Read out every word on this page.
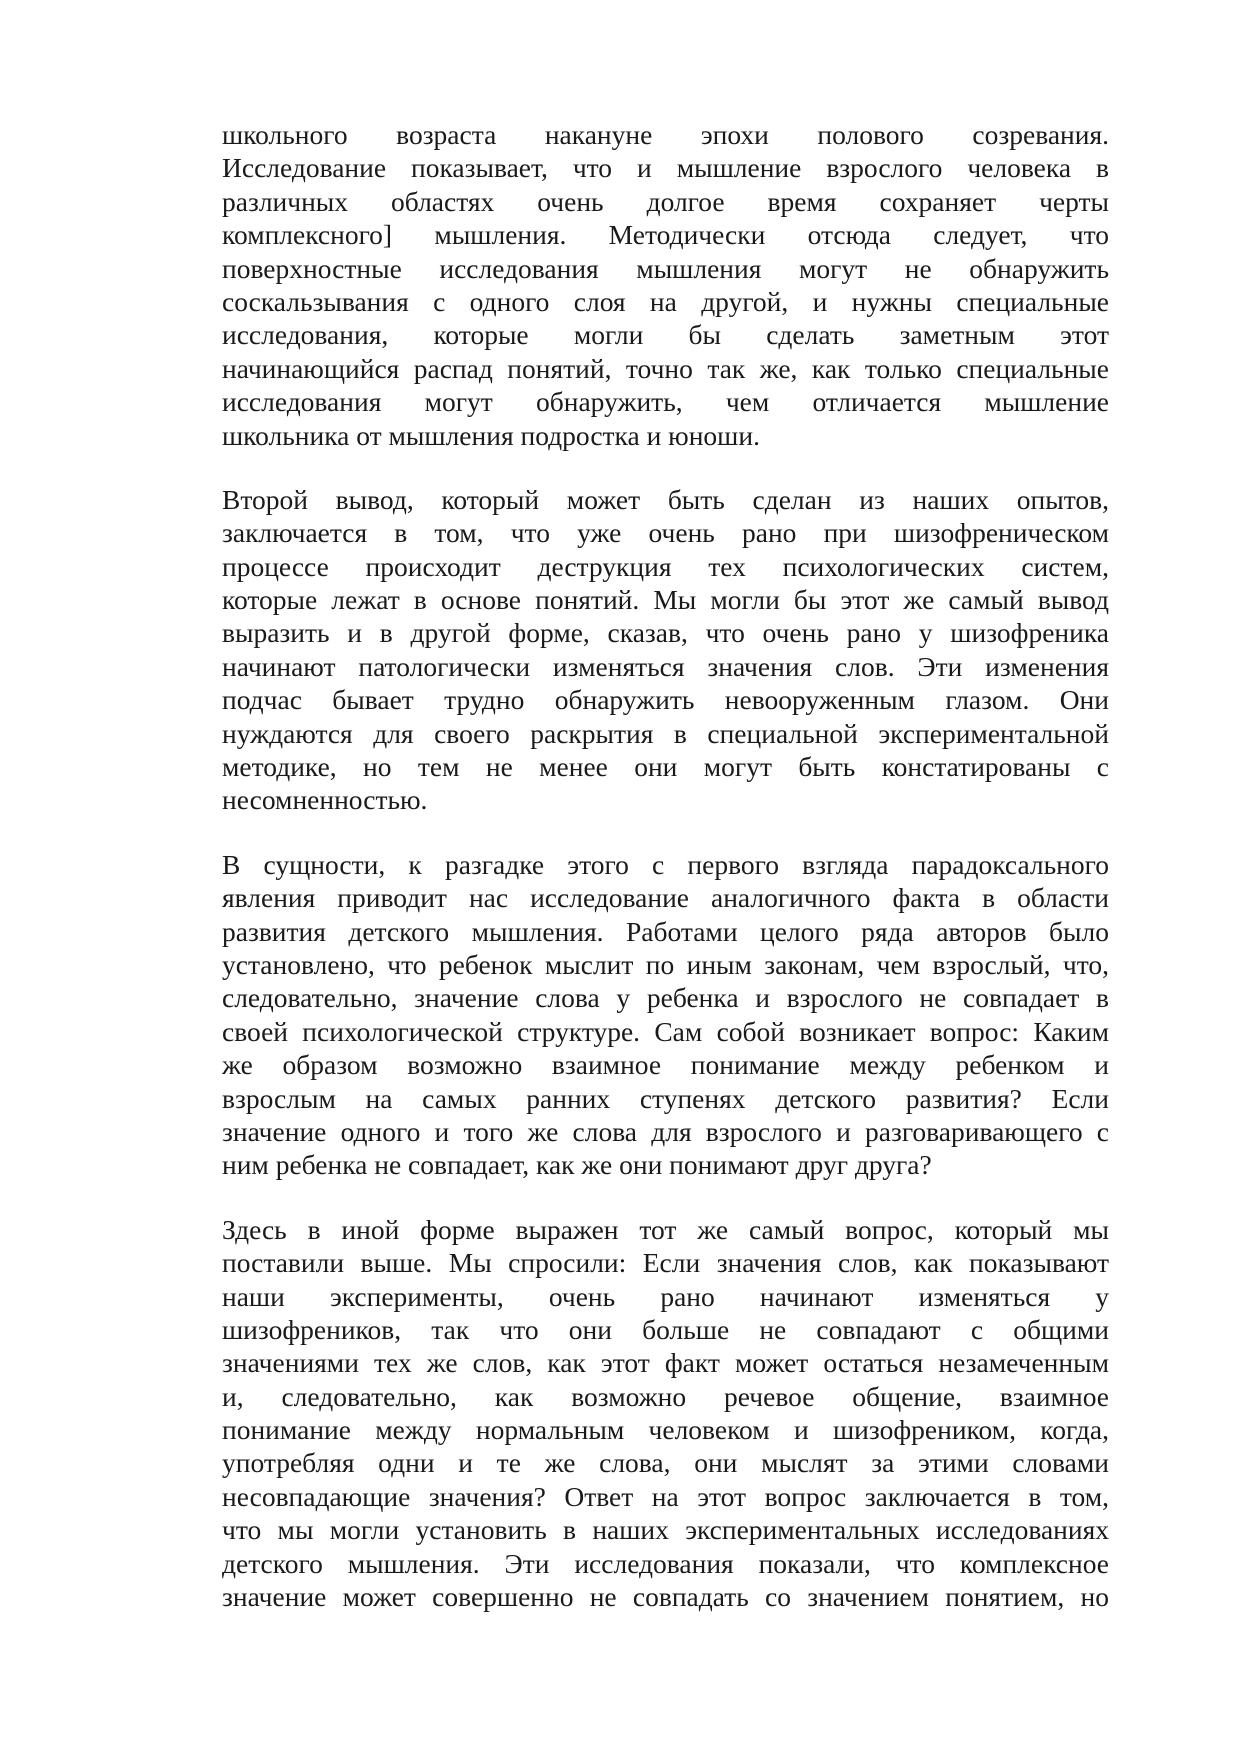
школьного возраста накануне эпохи полового созревания.
Исследование показывает, что и мышление взрослого человека в
различных областях очень долгое время сохраняет черты
комплексного] мышления. Методически отсюда следует, что
поверхностные исследования мышления могут не обнаружить
соскальзывания с одного слоя на другой, и нужны специальные
исследования, которые могли бы сделать заметным этот
начинающийся распад понятий, точно так же, как только специальные
исследования могут обнаружить, чем отличается мышление
школьника от мышления подростка и юноши.
Второй вывод, который может быть сделан из наших опытов,
заключается в том, что уже очень рано при шизофреническом
процессе происходит деструкция тех психологических систем,
которые лежат в основе понятий. Мы могли бы этот же самый вывод
выразить и в другой форме, сказав, что очень рано у шизофреника
начинают патологически изменяться значения слов. Эти изменения
подчас бывает трудно обнаружить невооруженным глазом. Они
нуждаются для своего раскрытия в специальной экспериментальной
методике, но тем не менее они могут быть констатированы с
несомненностью.
В сущности, к разгадке этого с первого взгляда парадоксального
явления приводит нас исследование аналогичного факта в области
развития детского мышления. Работами целого ряда авторов было
установлено, что ребенок мыслит по иным законам, чем взрослый, что,
следовательно, значение слова у ребенка и взрослого не совпадает в
своей психологической структуре. Сам собой возникает вопрос: Каким
же образом возможно взаимное понимание между ребенком и
взрослым на самых ранних ступенях детского развития? Если
значение одного и того же слова для взрослого и разговаривающего с
ним ребенка не совпадает, как же они понимают друг друга?
Здесь в иной форме выражен тот же самый вопрос, который мы
поставили выше. Мы спросили: Если значения слов, как показывают
наши эксперименты, очень рано начинают изменяться у
шизофреников, так что они больше не совпадают с общими
значениями тех же слов, как этот факт может остаться незамеченным
и, следовательно, как возможно речевое общение, взаимное
понимание между нормальным человеком и шизофреником, когда,
употребляя одни и те же слова, они мыслят за этими словами
несовпадающие значения? Ответ на этот вопрос заключается в том,
что мы могли установить в наших экспериментальных исследованиях
детского мышления. Эти исследования показали, что комплексное
значение может совершенно не совпадать со значением понятием, но
